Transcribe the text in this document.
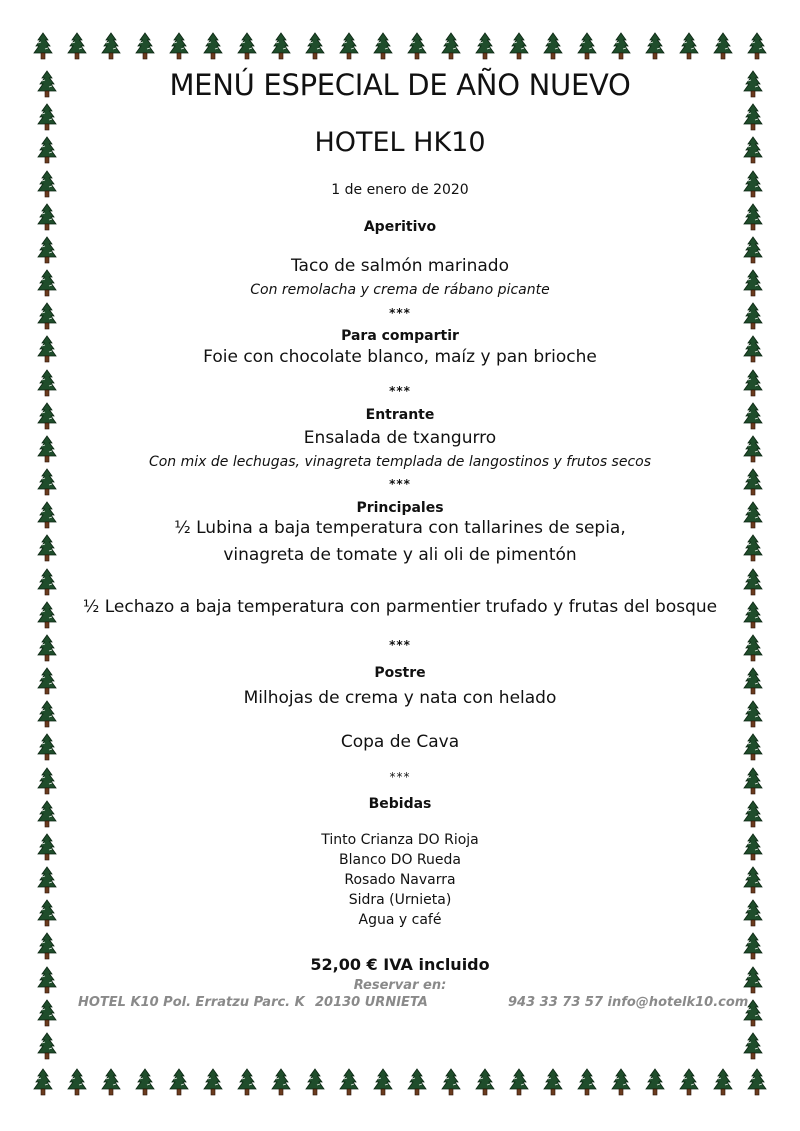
MENÚ ESPECIAL DE AÑO NUEVO

HOTEL HK10

1 de enero de 2020

Aperitivo

Taco de salmón marinado

Con remolacha y crema de rábano picante

***

Para compartir

Foie con chocolate blanco, maíz y pan brioche

***

Entrante

Ensalada de txangurro

Con mix de lechugas, vinagreta templada de langostinos y frutos secos

***

Principales

½ Lubina a baja temperatura con tallarines de sepia,

vinagreta de tomate y ali oli de pimentón

½ Lechazo a baja temperatura con parmentier trufado y frutas del bosque

***

Postre

Milhojas de crema y nata con helado

Copa de Cava

***

Bebidas

Tinto Crianza DO Rioja
Blanco DO Rueda
Rosado Navarra
Sidra (Urnieta)
Agua y café

52,00 € IVA incluido

Reservar en:

HOTEL K10 Pol. Erratzu Parc. K 20130 URNIETA	943 33 73 57 info@hotelk10.com
